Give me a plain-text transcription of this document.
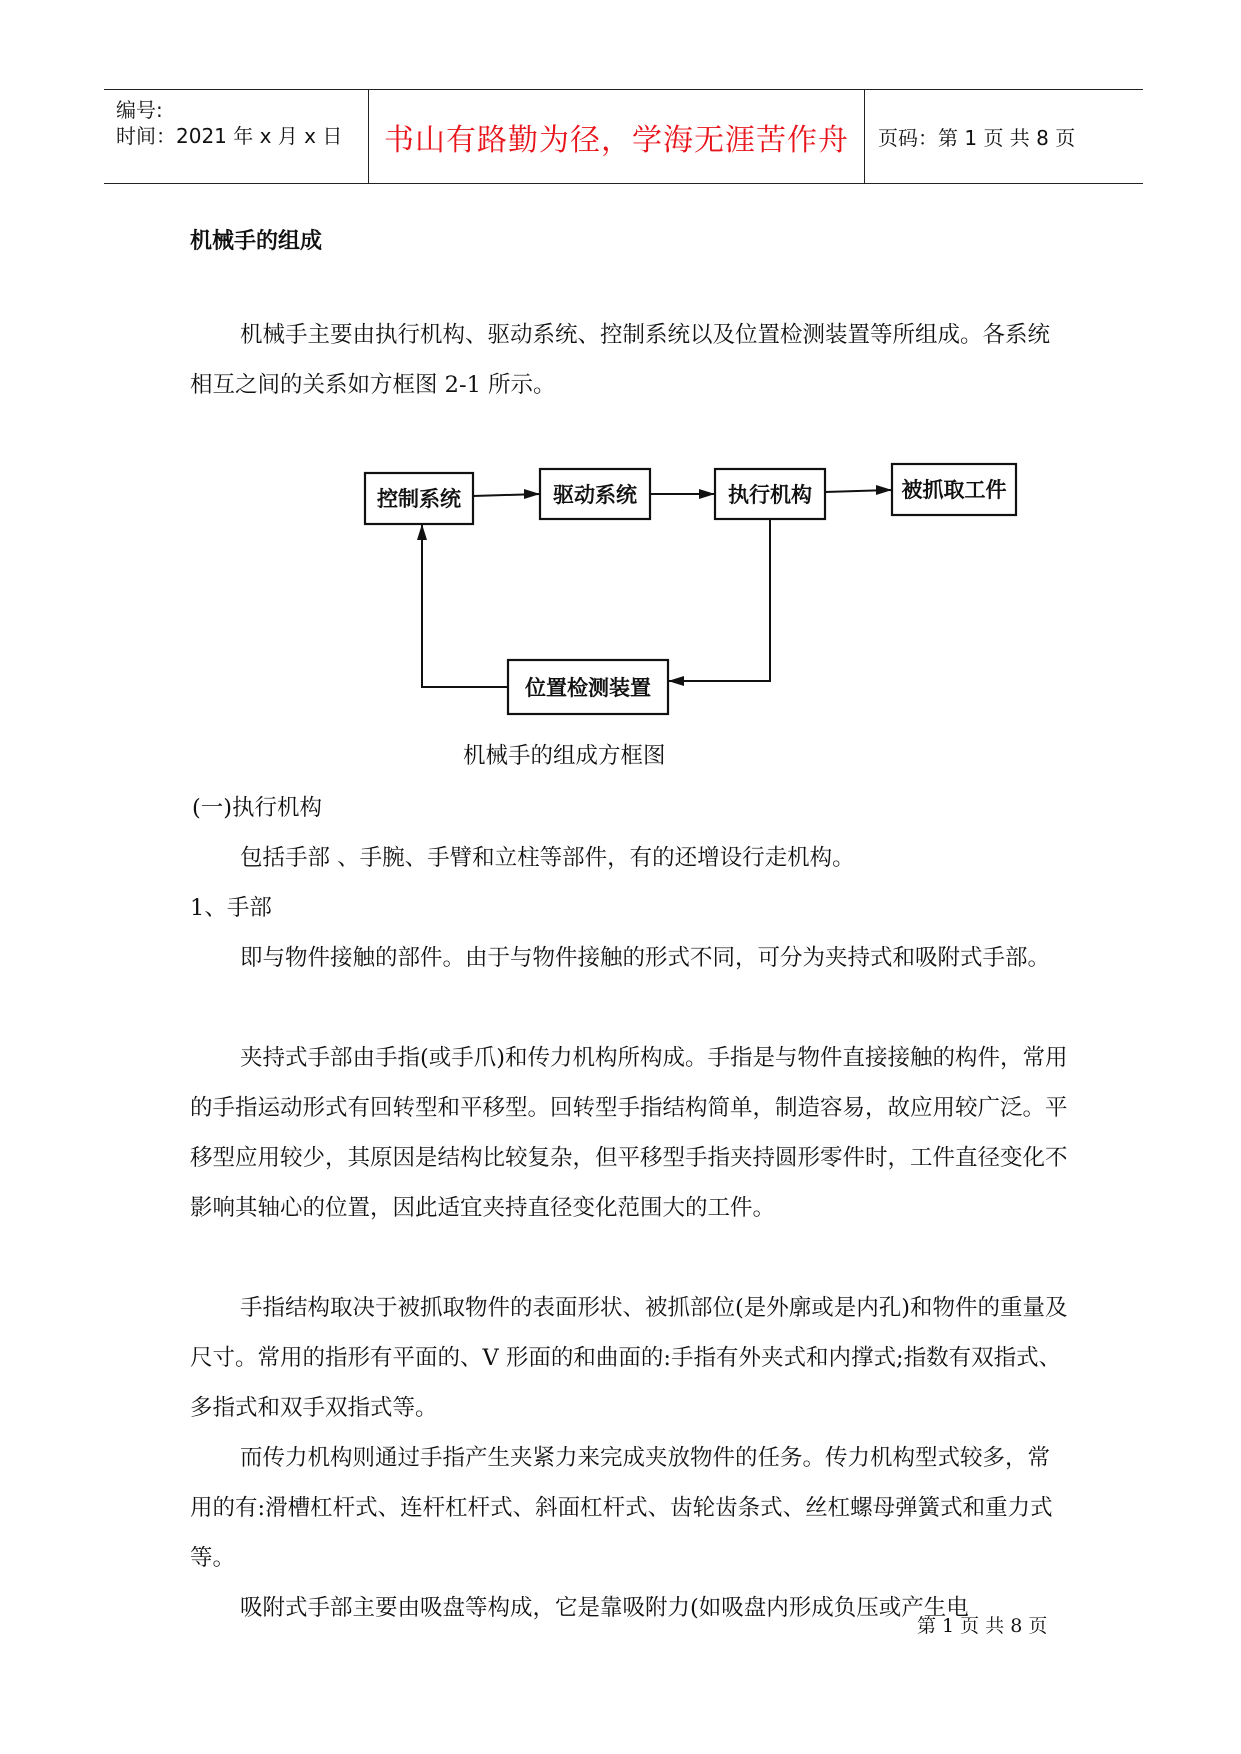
编号:
时间：2021 年 x 月 x 日 书山有路勤为径，学海无涯苦作舟 页码：第 1 页 共 8 页
机械手的组成

机械手主要由执行机构、驱动系统、控制系统以及位置检测装置等所组成。各系统相互之间的关系如方框图 2-1 所示。

控制系统	驱动系统	执行机构	被抓取工件
位置检测装置
机械手的组成方框图

(一)执行机构

包括手部 、手腕、手臂和立柱等部件，有的还增设行走机构。

1、手部

即与物件接触的部件。由于与物件接触的形式不同，可分为夹持式和吸附式手部。

夹持式手部由手指(或手爪)和传力机构所构成。手指是与物件直接接触的构件，常用的手指运动形式有回转型和平移型。回转型手指结构简单，制造容易，故应用较广泛。平移型应用较少，其原因是结构比较复杂，但平移型手指夹持圆形零件时，工件直径变化不影响其轴心的位置，因此适宜夹持直径变化范围大的工件。

手指结构取决于被抓取物件的表面形状、被抓部位(是外廓或是内孔)和物件的重量及尺寸。常用的指形有平面的、V 形面的和曲面的:手指有外夹式和内撑式;指数有双指式、多指式和双手双指式等。

而传力机构则通过手指产生夹紧力来完成夹放物件的任务。传力机构型式较多，常用的有:滑槽杠杆式、连杆杠杆式、斜面杠杆式、齿轮齿条式、丝杠螺母弹簧式和重力式等。

吸附式手部主要由吸盘等构成，它是靠吸附力(如吸盘内形成负压或产生电

第 1 页 共 8 页
